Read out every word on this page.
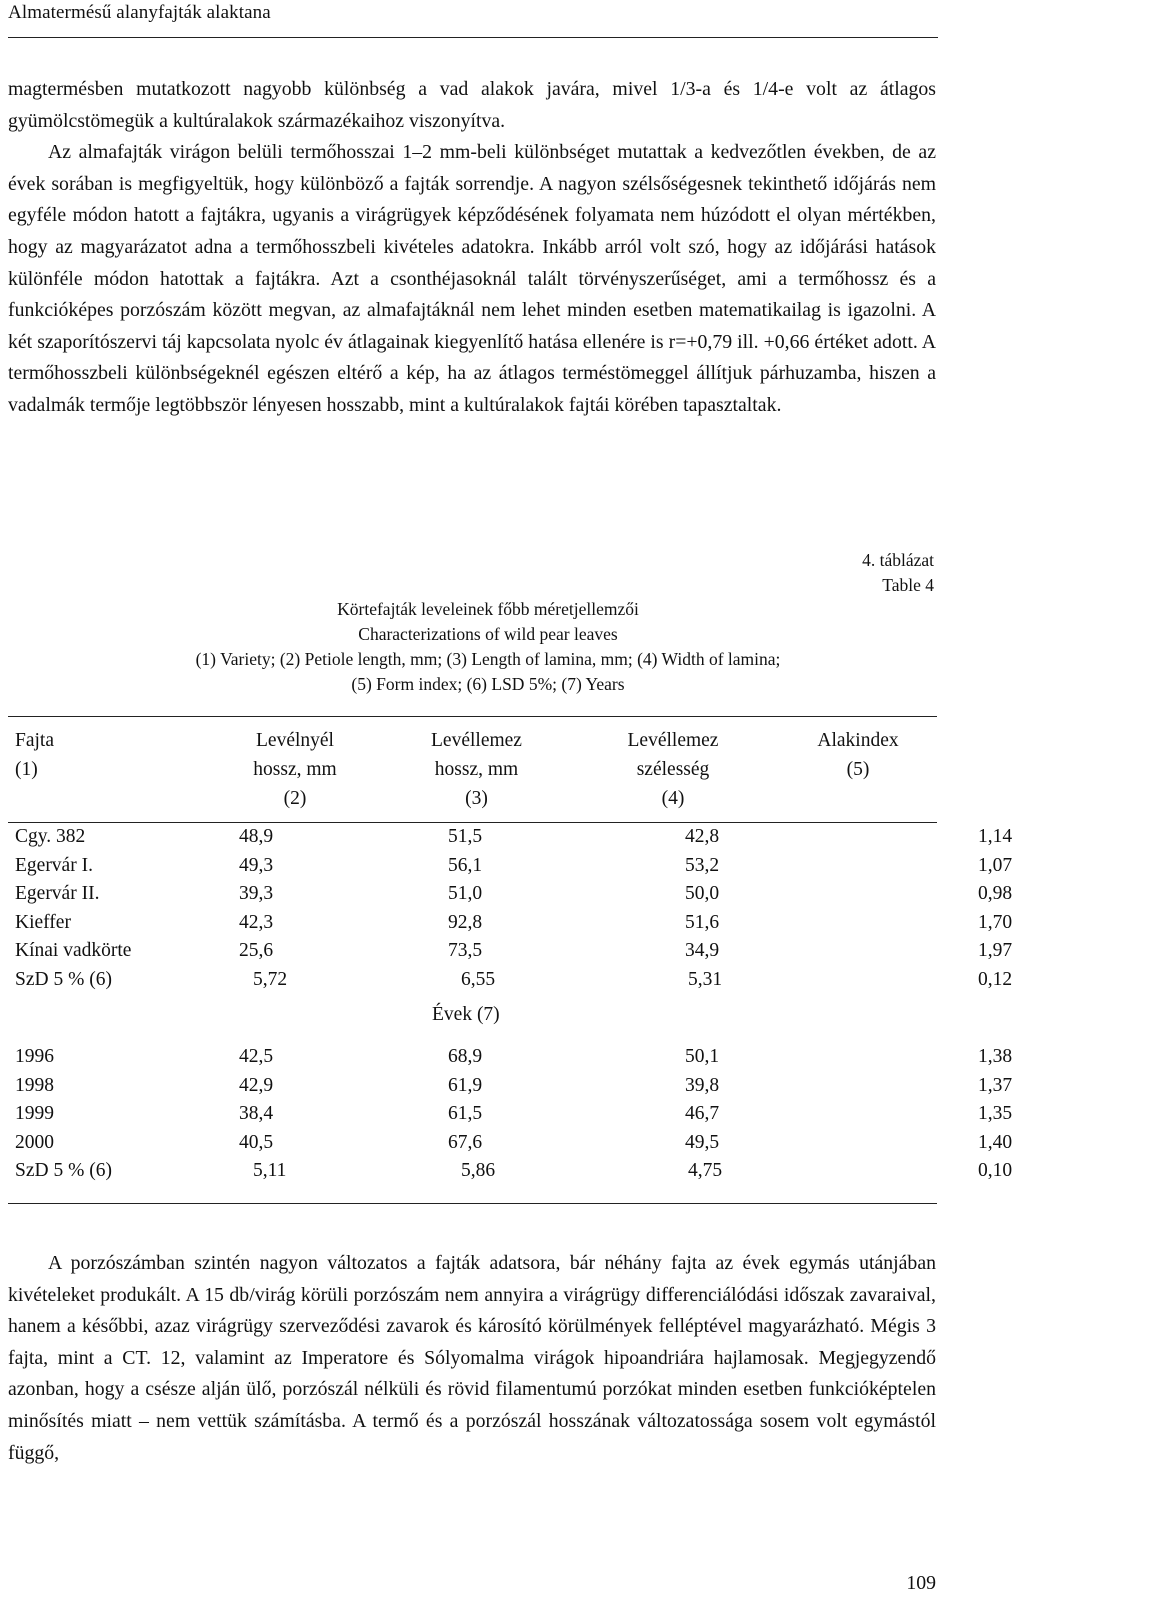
Almatermésű alanyfajták alaktana

magtermésben mutatkozott nagyobb különbség a vad alakok javára, mivel 1/3-a és 1/4-e volt az átlagos gyümölcstömegük a kultúralakok származékaihoz viszonyítva.

Az almafajták virágon belüli termőhosszai 1–2 mm-beli különbséget mutattak a kedvezőtlen években, de az évek sorában is megfigyeltük, hogy különböző a fajták sorrendje. A nagyon szélsőségesnek tekinthető időjárás nem egyféle módon hatott a fajtákra, ugyanis a virágrügyek képződésének folyamata nem húzódott el olyan mértékben, hogy az magyarázatot adna a termőhosszbeli kivételes adatokra. Inkább arról volt szó, hogy az időjárási hatások különféle módon hatottak a fajtákra. Azt a csonthéjasoknál talált törvényszerűséget, ami a termőhossz és a funkcióképes porzószám között megvan, az almafajtáknál nem lehet minden esetben matematikailag is igazolni. A két szaporítószervi táj kapcsolata nyolc év átlagainak kiegyenlítő hatása ellenére is r=+0,79 ill. +0,66 értéket adott. A termőhosszbeli különbségeknél egészen eltérő a kép, ha az átlagos terméstömeggel állítjuk párhuzamba, hiszen a vadalmák termője legtöbbször lényesen hosszabb, mint a kultúralakok fajtái körében tapasztaltak.

4. táblázat
Table 4
Körtefajták leveleinek főbb méretjellemzői
Characterizations of wild pear leaves
(1) Variety; (2) Petiole length, mm; (3) Length of lamina, mm; (4) Width of lamina;
(5) Form index; (6) LSD 5%; (7) Years
Fajta	Levélnyél	Levéllemez	Levéllemez	Alakindex
(1)	hossz, mm	hossz, mm	szélesség	(5)
	(2)	(3)	(4)	
Cgy. 382	48,9	51,5	42,8	1,14
Egervár I.	49,3	56,1	53,2	1,07
Egervár II.	39,3	51,0	50,0	0,98
Kieffer	42,3	92,8	51,6	1,70
Kínai vadkörte	25,6	73,5	34,9	1,97
SzD 5 % (6)	5,72	6,55	5,31	0,12
Évek (7)
1996	42,5	68,9	50,1	1,38
1998	42,9	61,9	39,8	1,37
1999	38,4	61,5	46,7	1,35
2000	40,5	67,6	49,5	1,40
SzD 5 % (6)	5,11	5,86	4,75	0,10

A porzószámban szintén nagyon változatos a fajták adatsora, bár néhány fajta az évek egymás utánjában kivételeket produkált. A 15 db/virág körüli porzószám nem annyira a virágrügy differenciálódási időszak zavaraival, hanem a későbbi, azaz virágrügy szerveződési zavarok és károsító körülmények felléptével magyarázható. Mégis 3 fajta, mint a CT. 12, valamint az Imperatore és Sólyomalma virágok hipoandriára hajlamosak. Megjegyzendő azonban, hogy a csésze alján ülő, porzószál nélküli és rövid filamentumú porzókat minden esetben funkcióképtelen minősítés miatt – nem vettük számításba. A termő és a porzószál hosszának változatossága sosem volt egymástól függő,

109
